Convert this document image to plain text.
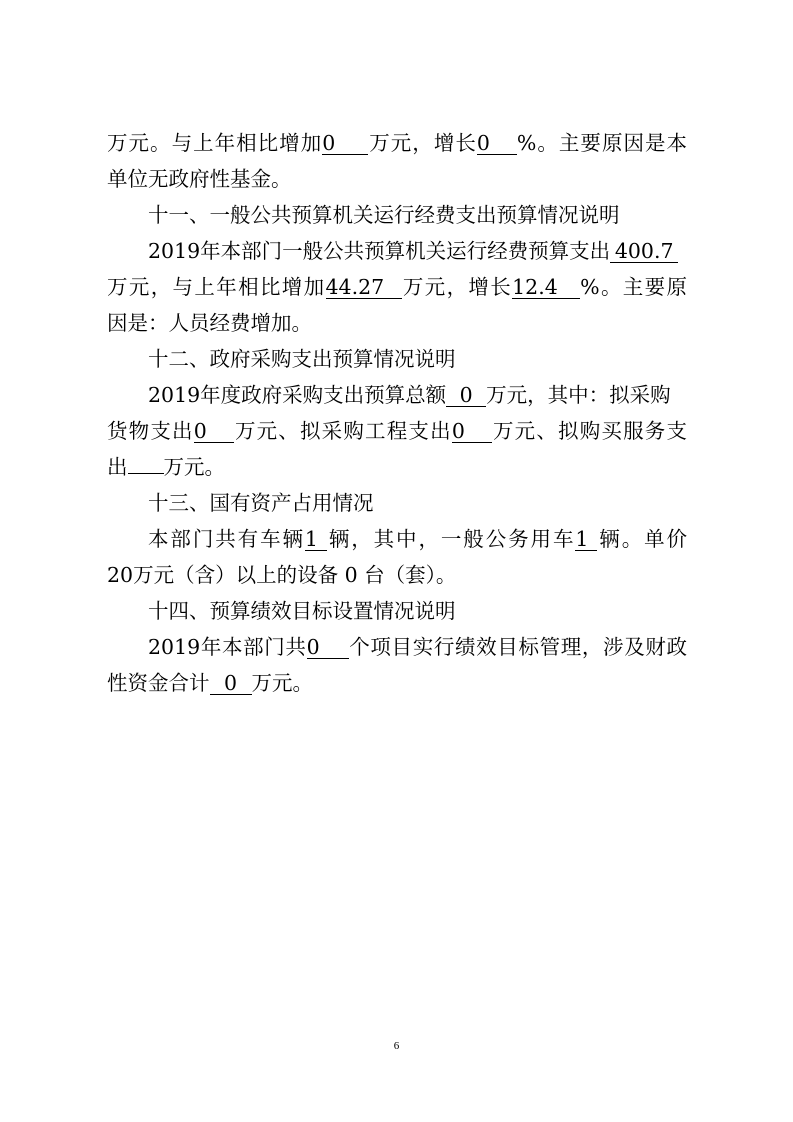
万元。与上年相比增加0 万元，增长0 %。主要原因是本
单位无政府性基金。
十一、一般公共预算机关运行经费支出预算情况说明
2019年本部门一般公共预算机关运行经费预算支出 400.7
万元，与上年相比增加44.27 万元，增长12.4 %。主要原
因是：人员经费增加。
十二、政府采购支出预算情况说明
2019年度政府采购支出预算总额 0 万元，其中：拟采购
货物支出0 万元、拟采购工程支出0 万元、拟购买服务支
出 万元。
十三、国有资产占用情况
本部门共有车辆1 辆，其中，一般公务用车1 辆。单价
20万元（含）以上的设备 0 台（套）。
十四、预算绩效目标设置情况说明
2019年本部门共0 个项目实行绩效目标管理，涉及财政
性资金合计 0 万元。
6
